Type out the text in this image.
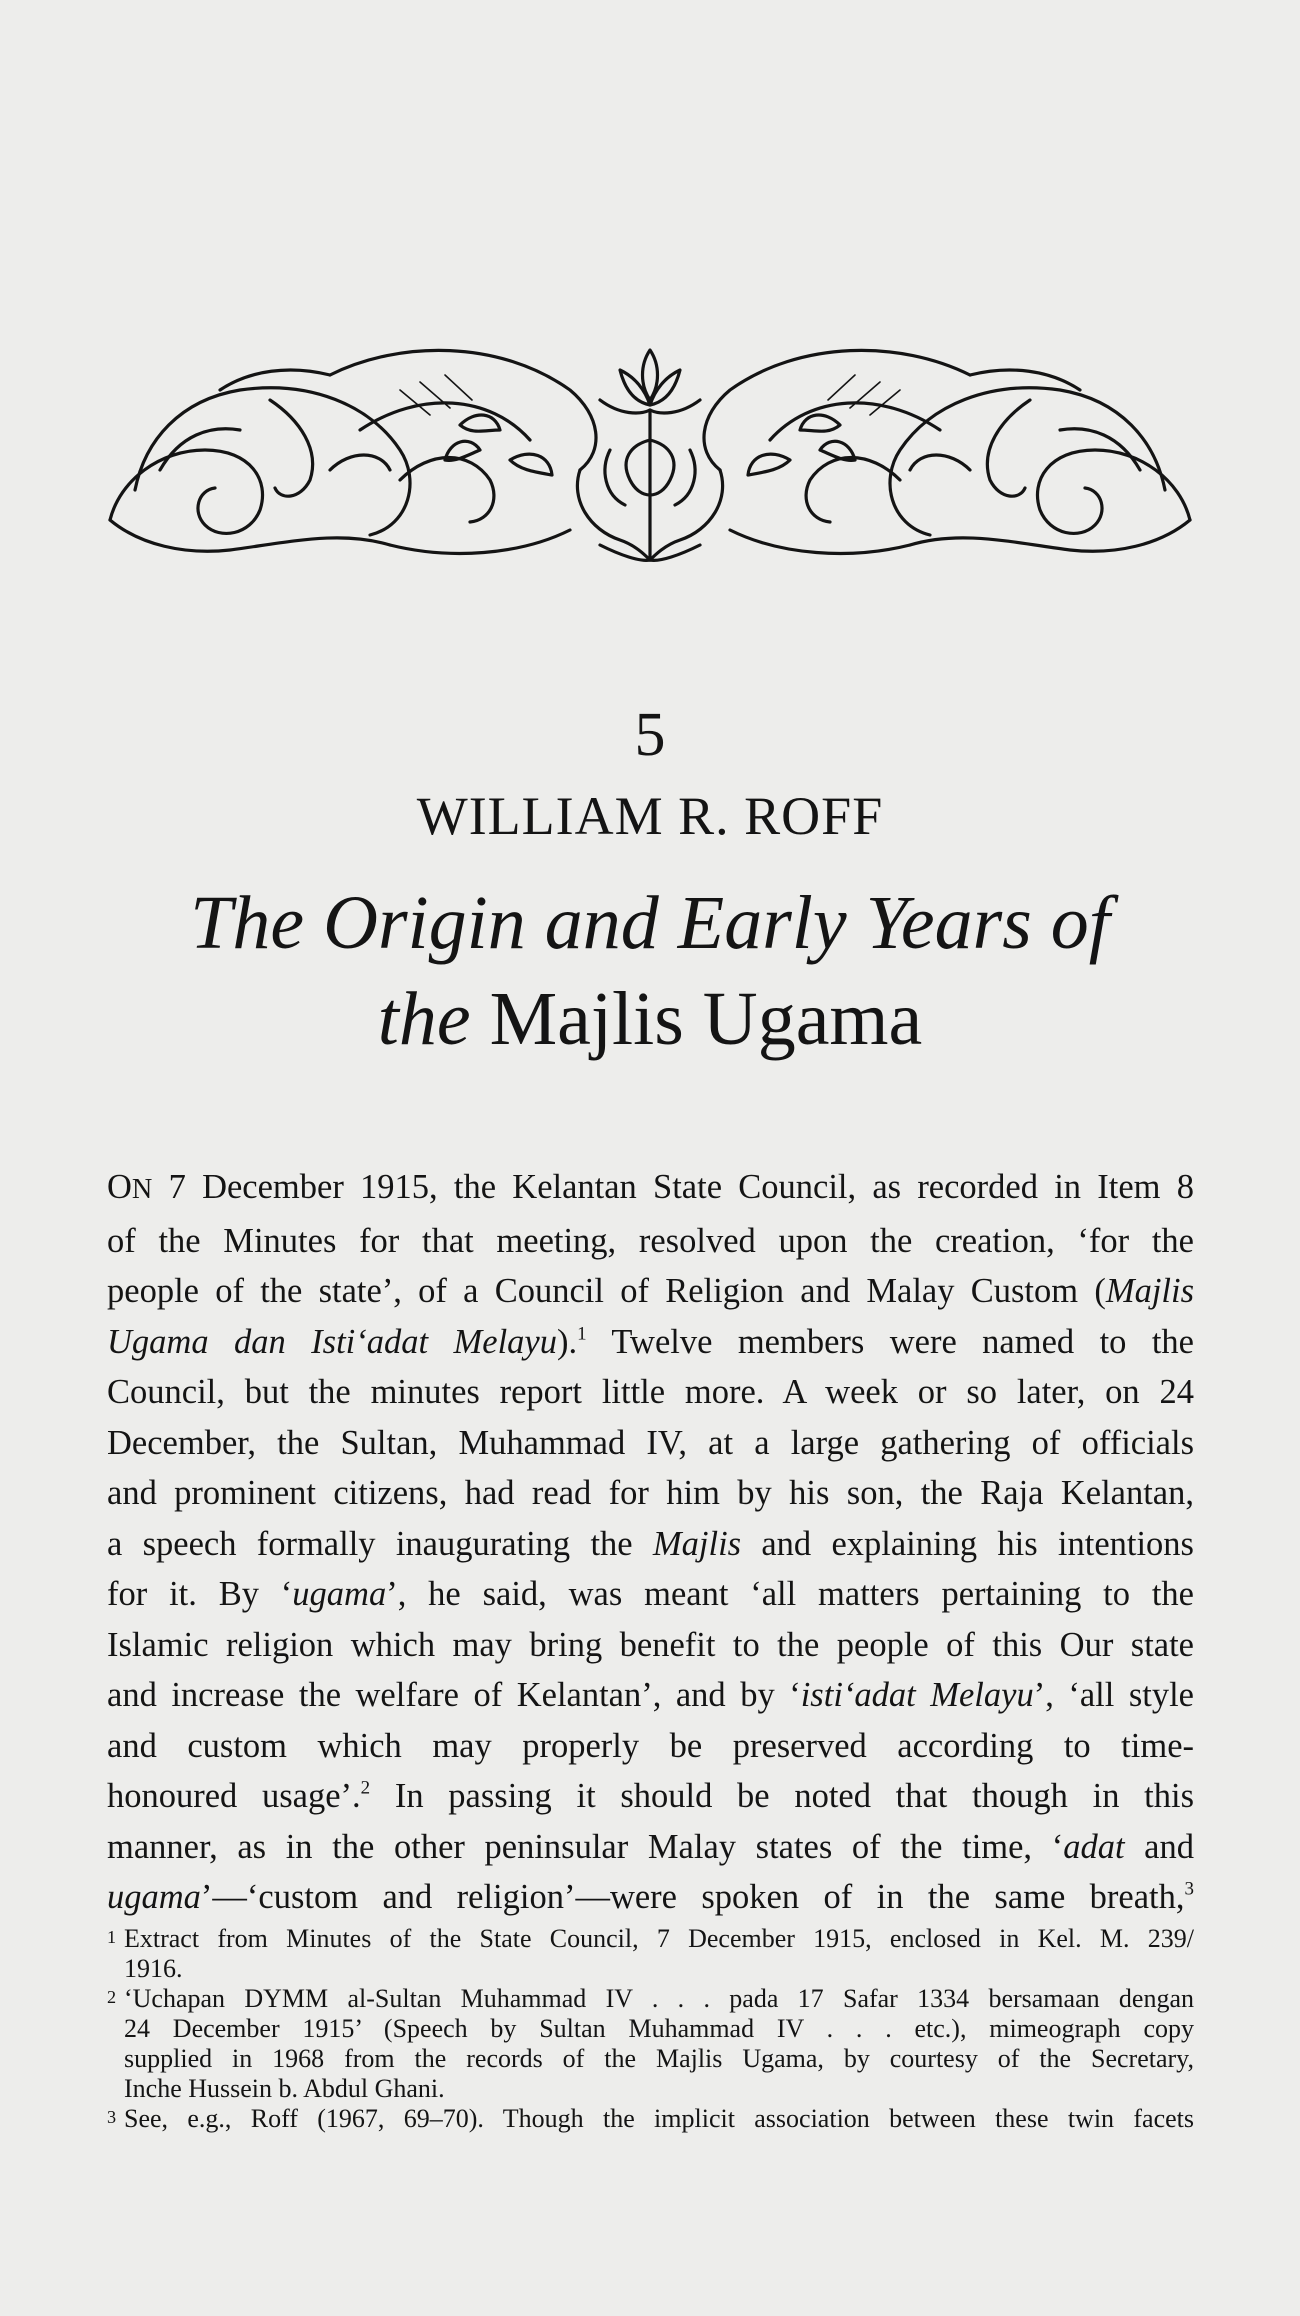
5
WILLIAM R. ROFF
The Origin and Early Years of
the Majlis Ugama
ON 7 December 1915, the Kelantan State Council, as recorded in Item 8
of the Minutes for that meeting, resolved upon the creation, ‘for the
people of the state’, of a Council of Religion and Malay Custom (Majlis
Ugama dan Isti‘adat Melayu).$^1$ Twelve members were named to the
Council, but the minutes report little more. A week or so later, on 24
December, the Sultan, Muhammad IV, at a large gathering of officials
and prominent citizens, had read for him by his son, the Raja Kelantan,
a speech formally inaugurating the Majlis and explaining his intentions
for it. By ‘ugama’, he said, was meant ‘all matters pertaining to the
Islamic religion which may bring benefit to the people of this Our state
and increase the welfare of Kelantan’, and by ‘isti‘adat Melayu’, ‘all style
and custom which may properly be preserved according to time-
honoured usage’.$^2$ In passing it should be noted that though in this
manner, as in the other peninsular Malay states of the time, ‘adat and
ugama’—‘custom and religion’—were spoken of in the same breath,$^3$
1 Extract from Minutes of the State Council, 7 December 1915, enclosed in Kel. M. 239/
1916.
2 ‘Uchapan DYMM al-Sultan Muhammad IV . . . pada 17 Safar 1334 bersamaan dengan
24 December 1915’ (Speech by Sultan Muhammad IV . . . etc.), mimeograph copy
supplied in 1968 from the records of the Majlis Ugama, by courtesy of the Secretary,
Inche Hussein b. Abdul Ghani.
3 See, e.g., Roff (1967, 69–70). Though the implicit association between these twin facets
